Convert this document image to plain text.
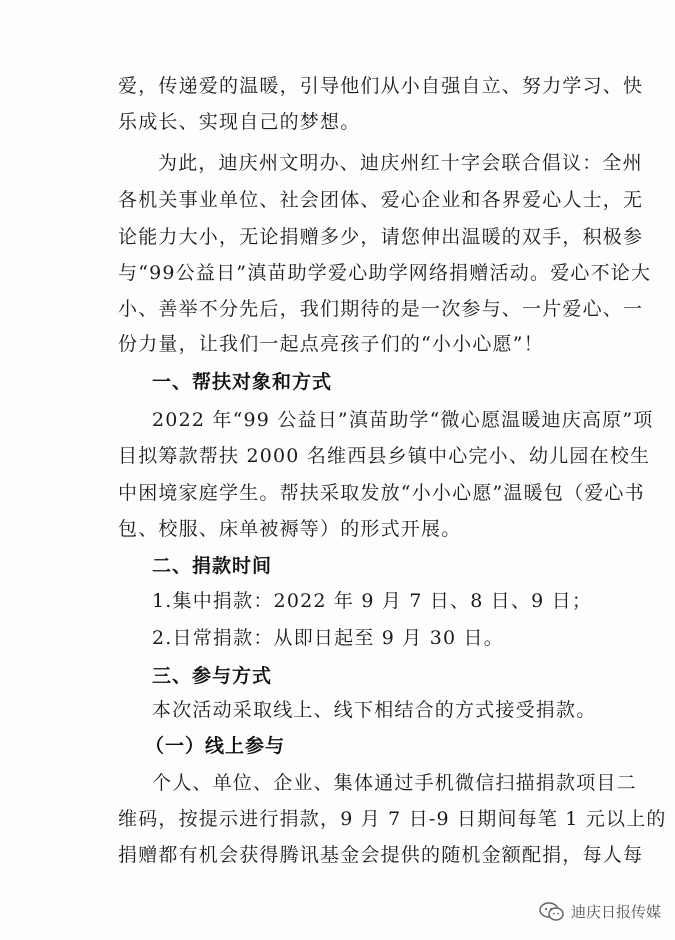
爱，传递爱的温暖，引导他们从小自强自立、努力学习、快
乐成长、实现自己的梦想。
为此，迪庆州文明办、迪庆州红十字会联合倡议：全州
各机关事业单位、社会团体、爱心企业和各界爱心人士，无
论能力大小，无论捐赠多少，请您伸出温暖的双手，积极参
与“99公益日”滇苗助学爱心助学网络捐赠活动。爱心不论大
小、善举不分先后，我们期待的是一次参与、一片爱心、一
份力量，让我们一起点亮孩子们的“小小心愿”！
一、帮扶对象和方式
2022 年“99 公益日”滇苗助学“微心愿温暖迪庆高原”项
目拟筹款帮扶 2000 名维西县乡镇中心完小、幼儿园在校生
中困境家庭学生。帮扶采取发放“小小心愿”温暖包（爱心书
包、校服、床单被褥等）的形式开展。
二、捐款时间
1.集中捐款：2022 年 9 月 7 日、8 日、9 日；
2.日常捐款：从即日起至 9 月 30 日。
三、参与方式
本次活动采取线上、线下相结合的方式接受捐款。
（一）线上参与
个人、单位、企业、集体通过手机微信扫描捐款项目二
维码，按提示进行捐款，9 月 7 日-9 日期间每笔 1 元以上的
捐赠都有机会获得腾讯基金会提供的随机金额配捐，每人每
迪庆日报传媒
